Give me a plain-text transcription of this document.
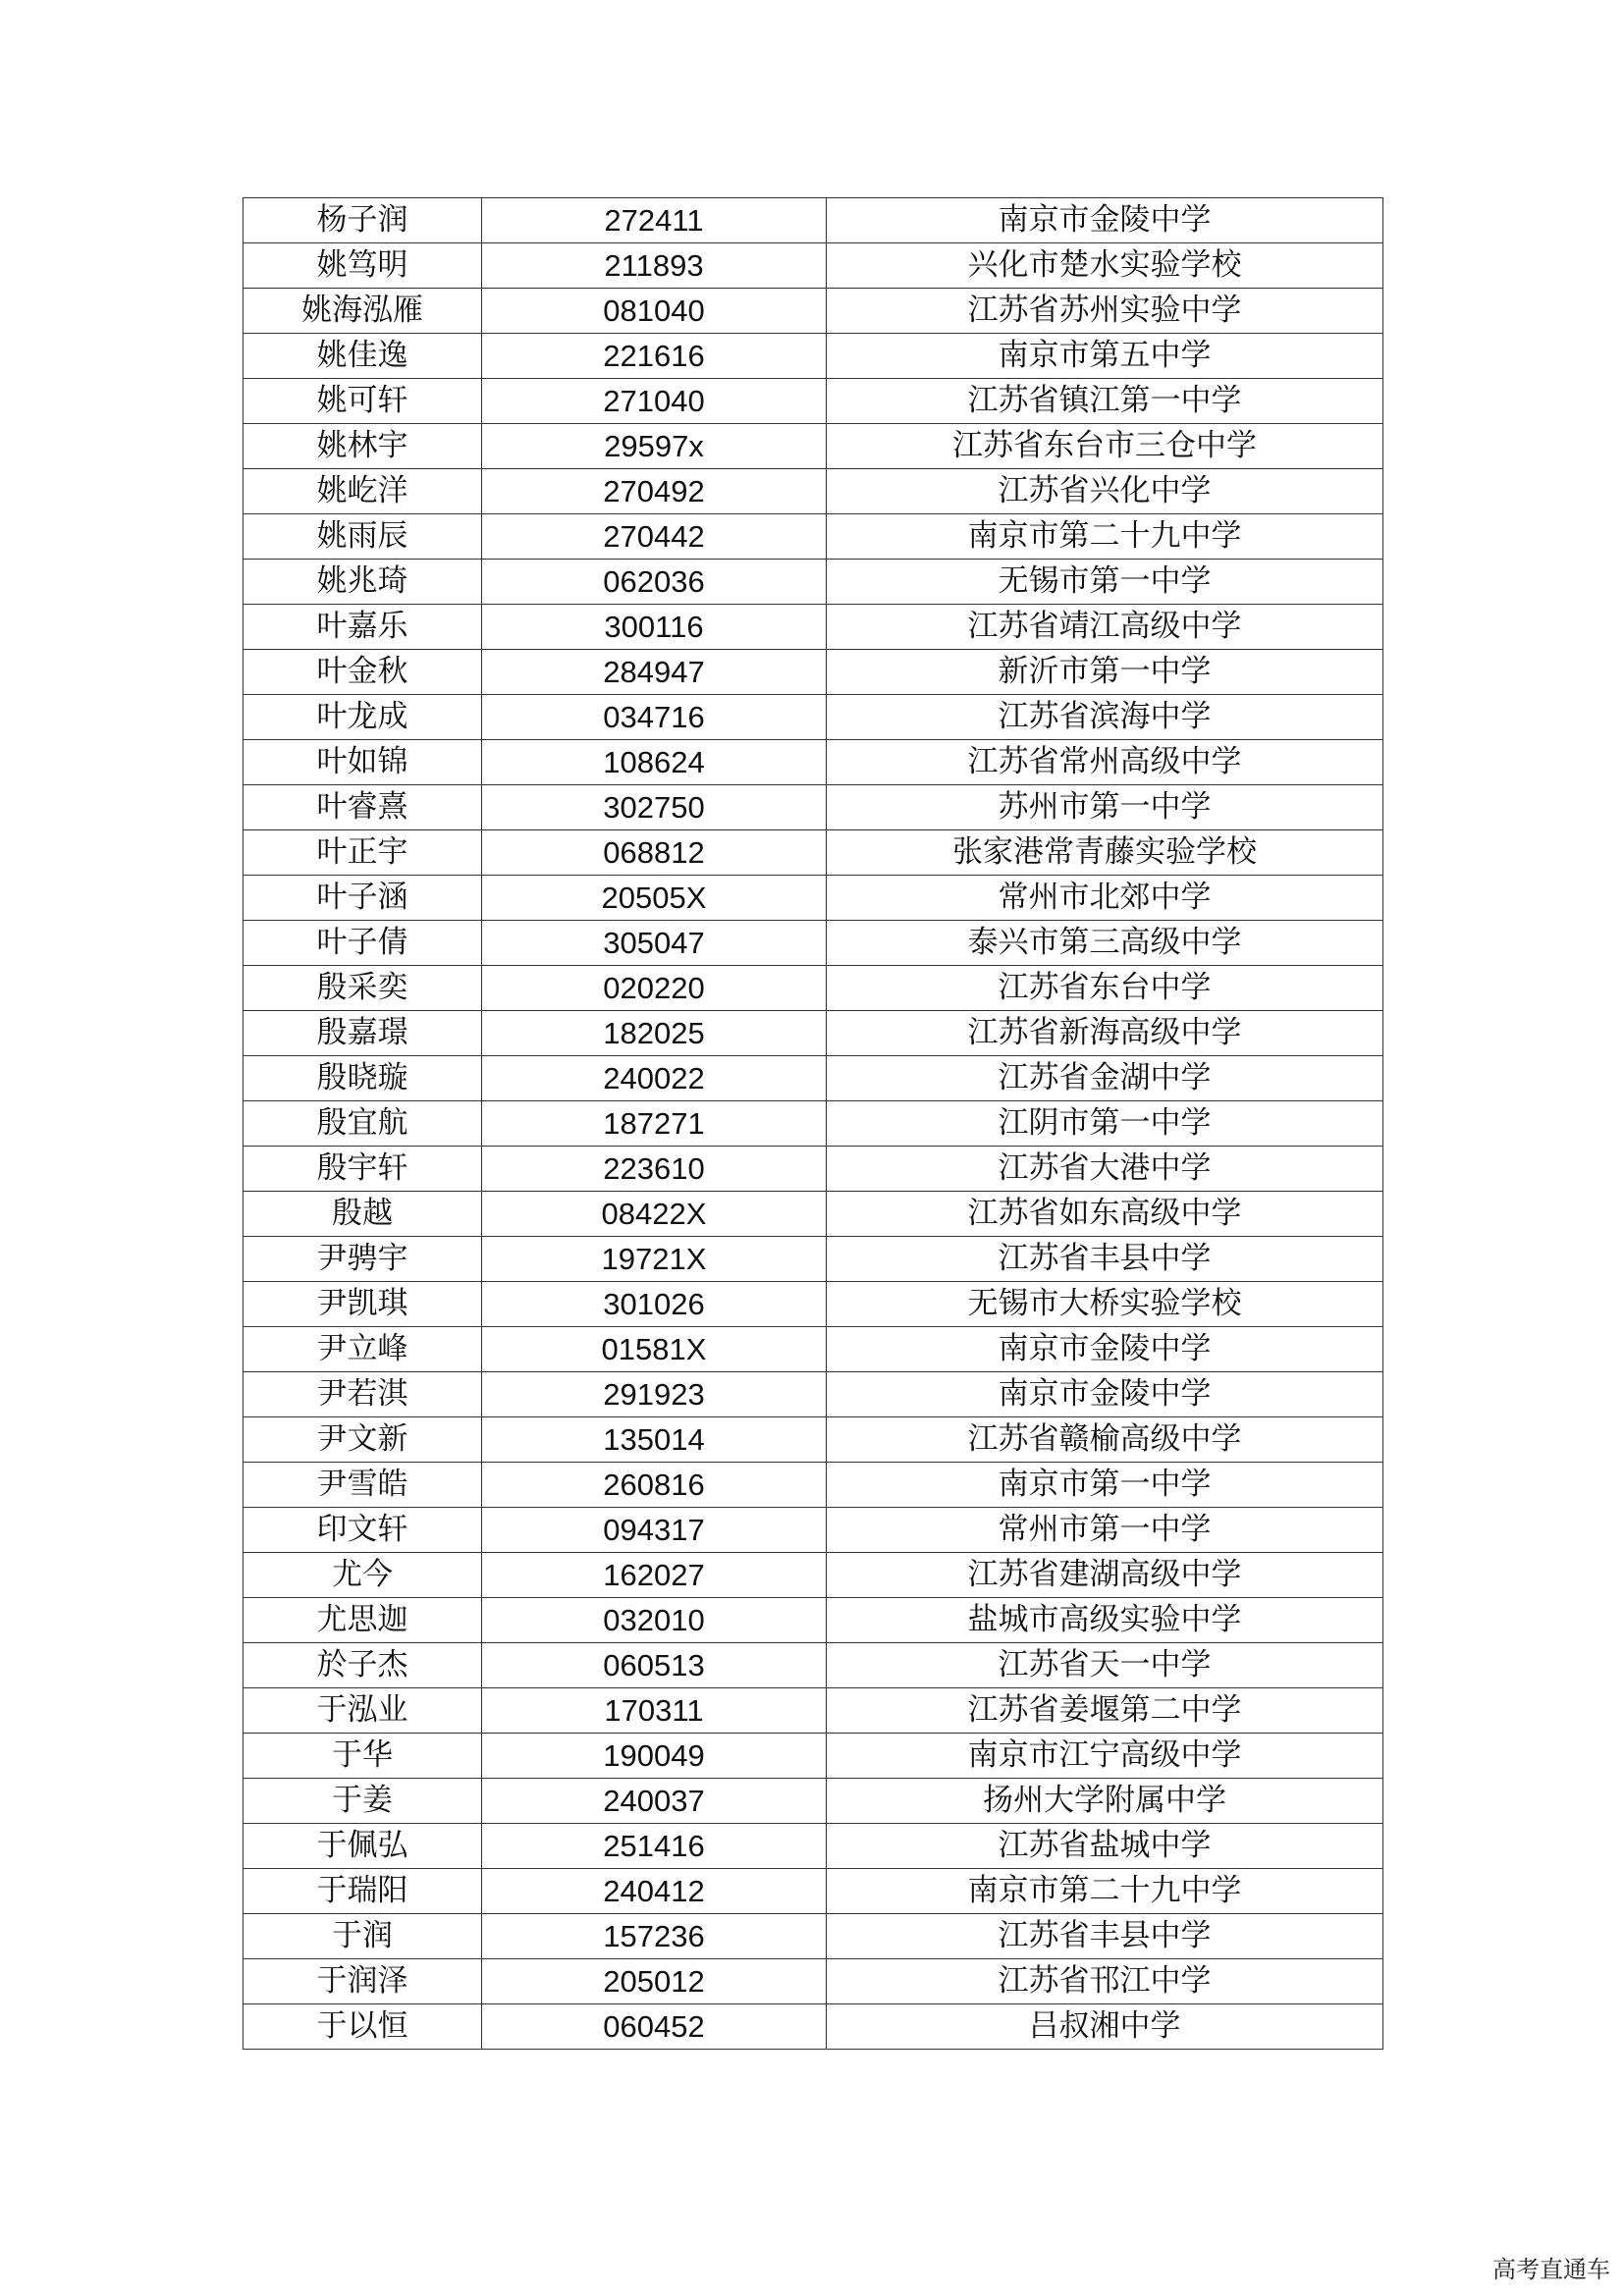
杨子润	272411	南京市金陵中学
姚笃明	211893	兴化市楚水实验学校
姚海泓雁	081040	江苏省苏州实验中学
姚佳逸	221616	南京市第五中学
姚可轩	271040	江苏省镇江第一中学
姚林宇	29597x	江苏省东台市三仓中学
姚屹洋	270492	江苏省兴化中学
姚雨辰	270442	南京市第二十九中学
姚兆琦	062036	无锡市第一中学
叶嘉乐	300116	江苏省靖江高级中学
叶金秋	284947	新沂市第一中学
叶龙成	034716	江苏省滨海中学
叶如锦	108624	江苏省常州高级中学
叶睿熹	302750	苏州市第一中学
叶正宇	068812	张家港常青藤实验学校
叶子涵	20505X	常州市北郊中学
叶子倩	305047	泰兴市第三高级中学
殷采奕	020220	江苏省东台中学
殷嘉璟	182025	江苏省新海高级中学
殷晓璇	240022	江苏省金湖中学
殷宜航	187271	江阴市第一中学
殷宇轩	223610	江苏省大港中学
殷越	08422X	江苏省如东高级中学
尹骋宇	19721X	江苏省丰县中学
尹凯琪	301026	无锡市大桥实验学校
尹立峰	01581X	南京市金陵中学
尹若淇	291923	南京市金陵中学
尹文新	135014	江苏省赣榆高级中学
尹雪皓	260816	南京市第一中学
印文轩	094317	常州市第一中学
尤今	162027	江苏省建湖高级中学
尤思迦	032010	盐城市高级实验中学
於子杰	060513	江苏省天一中学
于泓业	170311	江苏省姜堰第二中学
于华	190049	南京市江宁高级中学
于姜	240037	扬州大学附属中学
于佩弘	251416	江苏省盐城中学
于瑞阳	240412	南京市第二十九中学
于润	157236	江苏省丰县中学
于润泽	205012	江苏省邗江中学
于以恒	060452	吕叔湘中学
高考直通车
